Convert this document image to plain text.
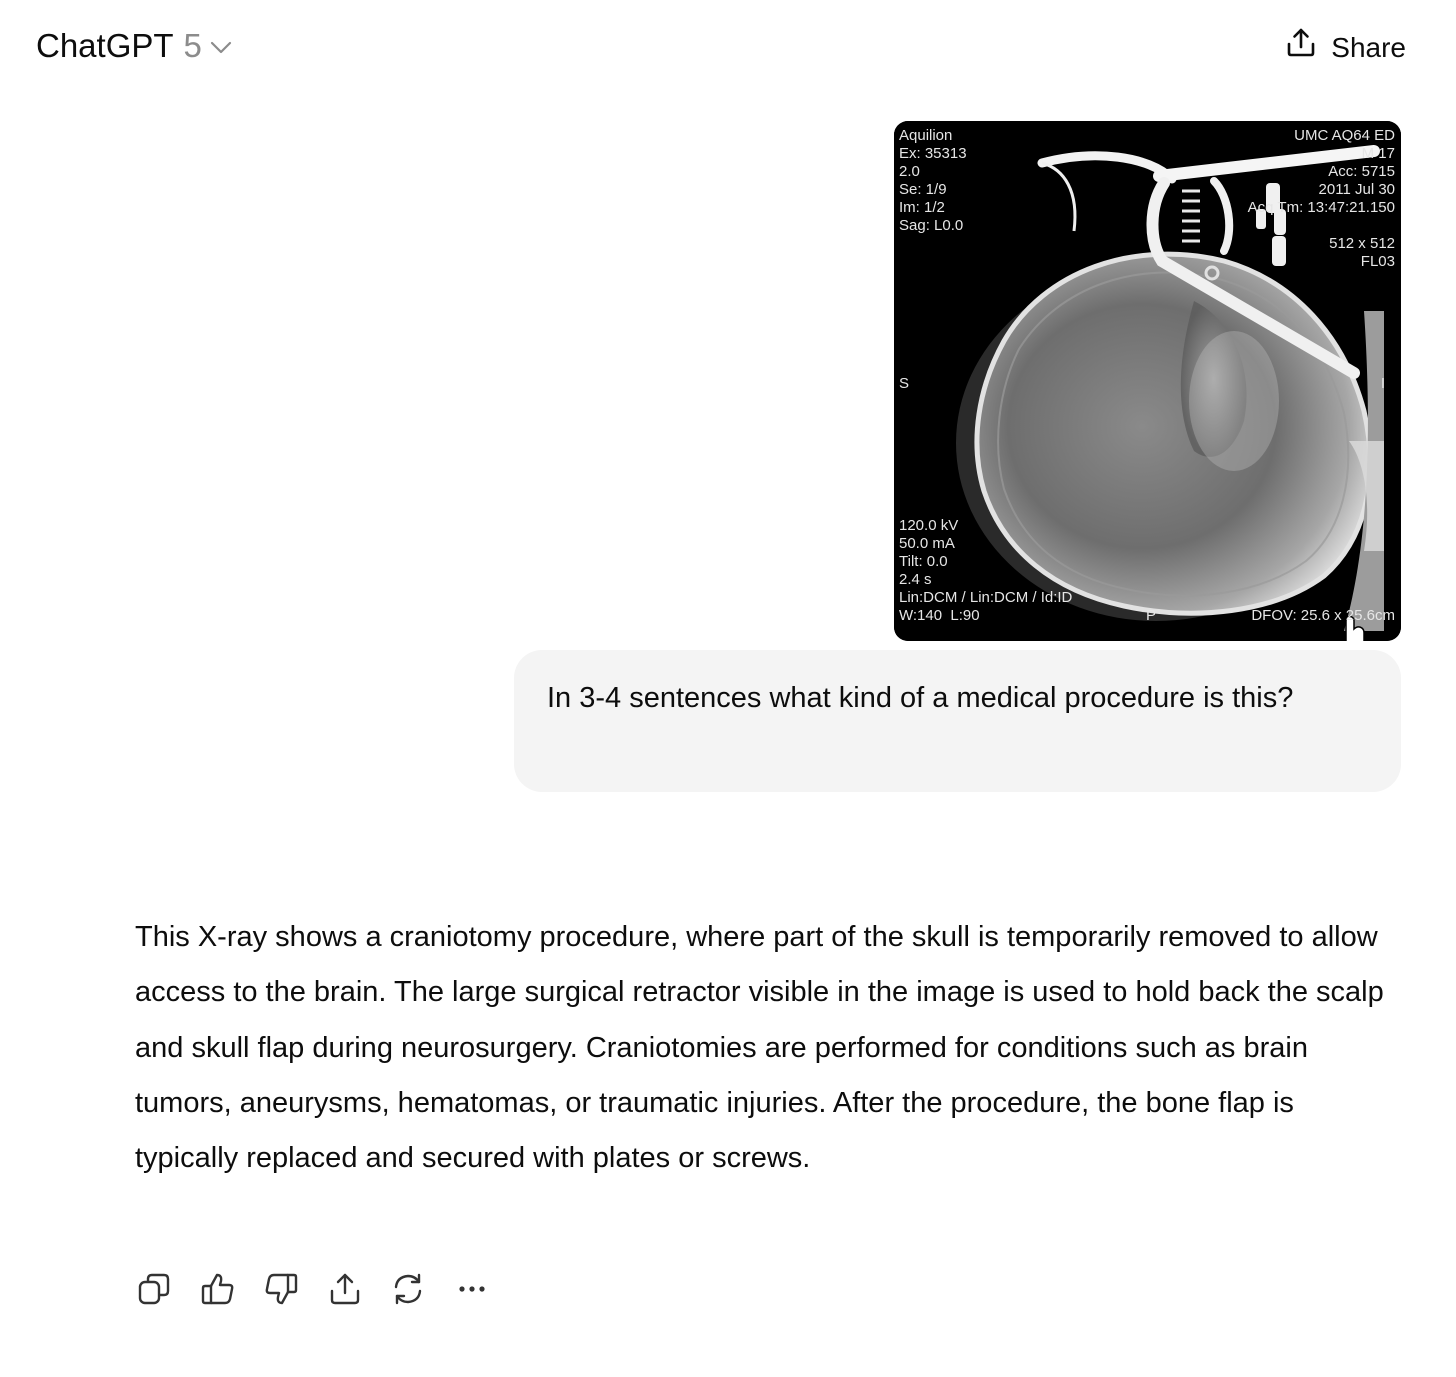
ChatGPT 5	Share
Aquilion
Ex: 35313
2.0
Se: 1/9
Im: 1/2
Sag: L0.0
UMC AQ64 ED
M 17
Acc: 5715
2011 Jul 30
Acq Tm: 13:47:21.150

512 x 512
FL03
S	I
120.0 kV
50.0 mA
Tilt: 0.0
2.4 s
Lin:DCM / Lin:DCM / Id:ID
W:140  L:90	P	DFOV: 25.6 x 25.6cm
In 3-4 sentences what kind of a medical procedure is this?
This X-ray shows a craniotomy procedure, where part of the skull is temporarily removed to allow access to the brain. The large surgical retractor visible in the image is used to hold back the scalp and skull flap during neurosurgery. Craniotomies are performed for conditions such as brain tumors, aneurysms, hematomas, or traumatic injuries. After the procedure, the bone flap is typically replaced and secured with plates or screws.
